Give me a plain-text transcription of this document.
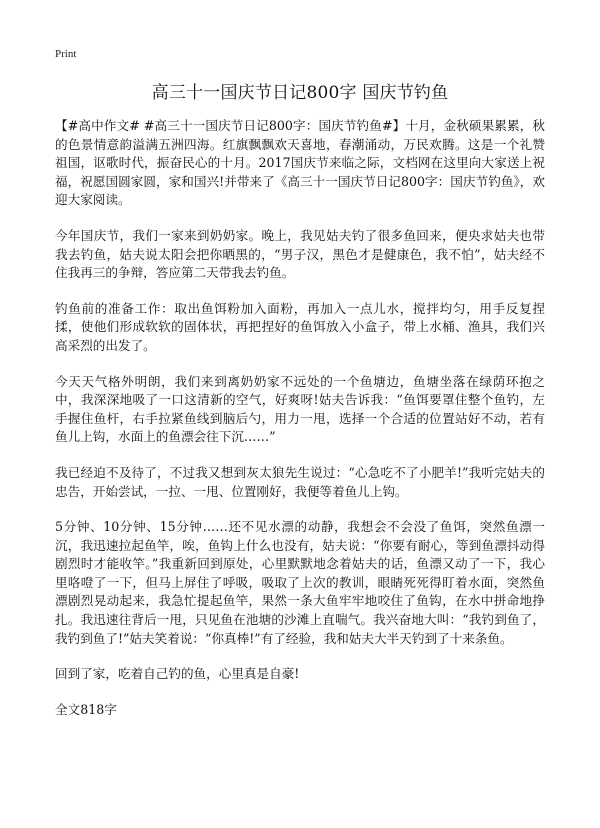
Print
高三十一国庆节日记800字 国庆节钓鱼

【#高中作文# #高三十一国庆节日记800字：国庆节钓鱼#】十月，金秋硕果累累，秋的色景情意韵溢满五洲四海。红旗飘飘欢天喜地，春潮涌动，万民欢腾。这是一个礼赞祖国，讴歌时代，振奋民心的十月。2017国庆节来临之际，文档网在这里向大家送上祝福，祝愿国圆家圆，家和国兴!并带来了《高三十一国庆节日记800字：国庆节钓鱼》，欢迎大家阅读。

今年国庆节，我们一家来到奶奶家。晚上，我见姑夫钓了很多鱼回来，便央求姑夫也带我去钓鱼，姑夫说太阳会把你晒黑的，“男子汉，黑色才是健康色，我不怕”，姑夫经不住我再三的争辩，答应第二天带我去钓鱼。

钓鱼前的准备工作：取出鱼饵粉加入面粉，再加入一点儿水，搅拌均匀，用手反复捏揉，使他们形成软软的固体状，再把捏好的鱼饵放入小盒子，带上水桶、渔具，我们兴高采烈的出发了。

今天天气格外明朗，我们来到离奶奶家不远处的一个鱼塘边，鱼塘坐落在绿荫环抱之中，我深深地吸了一口这清新的空气，好爽呀!姑夫告诉我：“鱼饵要罩住整个鱼钓，左手握住鱼杆，右手拉紧鱼线到脑后勺，用力一甩，选择一个合适的位置站好不动，若有鱼儿上钩，水面上的鱼漂会往下沉……”

我已经迫不及待了，不过我又想到灰太狼先生说过：“心急吃不了小肥羊!”我听完姑夫的忠告，开始尝试，一拉、一甩、位置刚好，我便等着鱼儿上钩。

5分钟、10分钟、15分钟……还不见水漂的动静，我想会不会没了鱼饵，突然鱼漂一沉，我迅速拉起鱼竿，唉，鱼钩上什么也没有，姑夫说：“你要有耐心，等到鱼漂抖动得剧烈时才能收竿。”我重新回到原处，心里默默地念着姑夫的话，鱼漂又动了一下，我心里咯噔了一下，但马上屏住了呼吸，吸取了上次的教训，眼睛死死得盯着水面，突然鱼漂剧烈晃动起来，我急忙提起鱼竿，果然一条大鱼牢牢地咬住了鱼钩，在水中拼命地挣扎。我迅速往背后一甩，只见鱼在池塘的沙滩上直喘气。我兴奋地大叫：“我钓到鱼了，我钓到鱼了!”姑夫笑着说：“你真棒!”有了经验，我和姑夫大半天钓到了十来条鱼。

回到了家，吃着自己钓的鱼，心里真是自豪!

全文818字
